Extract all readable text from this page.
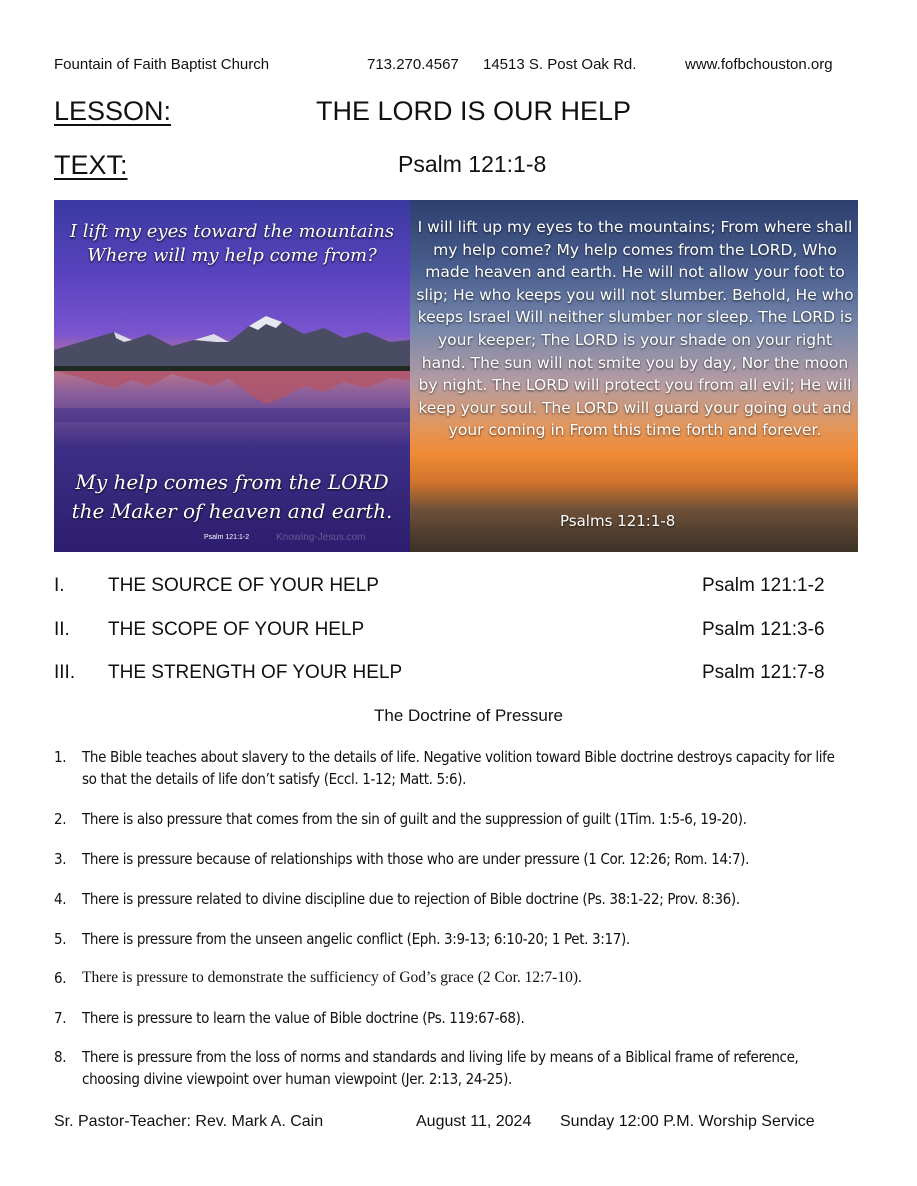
Fountain of Faith Baptist Church	713.270.4567 14513 S. Post Oak Rd.	www.fofbchouston.org
LESSON:	THE LORD IS OUR HELP
TEXT:	Psalm 121:1-8
I lift my eyes toward the mountains
Where will my help come from?
My help comes from the LORD
the Maker of heaven and earth.
Psalm 121:1-2	Knowing-Jesus.com
I will lift up my eyes to the mountains; From where shall my help come? My help comes from the LORD, Who made heaven and earth. He will not allow your foot to slip; He who keeps you will not slumber. Behold, He who keeps Israel Will neither slumber nor sleep. The LORD is your keeper; The LORD is your shade on your right hand. The sun will not smite you by day, Nor the moon by night. The LORD will protect you from all evil; He will keep your soul. The LORD will guard your going out and your coming in From this time forth and forever.
Psalms 121:1-8
I. THE SOURCE OF YOUR HELP	Psalm 121:1-2
II. THE SCOPE OF YOUR HELP	Psalm 121:3-6
III. THE STRENGTH OF YOUR HELP	Psalm 121:7-8
The Doctrine of Pressure
1. The Bible teaches about slavery to the details of life. Negative volition toward Bible doctrine destroys capacity for life so that the details of life don’t satisfy (Eccl. 1-12; Matt. 5:6).
2. There is also pressure that comes from the sin of guilt and the suppression of guilt (1Tim. 1:5-6, 19-20).
3. There is pressure because of relationships with those who are under pressure (1 Cor. 12:26; Rom. 14:7).
4. There is pressure related to divine discipline due to rejection of Bible doctrine (Ps. 38:1-22; Prov. 8:36).
5. There is pressure from the unseen angelic conflict (Eph. 3:9-13; 6:10-20; 1 Pet. 3:17).
6. There is pressure to demonstrate the sufficiency of God’s grace (2 Cor. 12:7-10).
7. There is pressure to learn the value of Bible doctrine (Ps. 119:67-68).
8. There is pressure from the loss of norms and standards and living life by means of a Biblical frame of reference, choosing divine viewpoint over human viewpoint (Jer. 2:13, 24-25).
Sr. Pastor-Teacher: Rev. Mark A. Cain	August 11, 2024 Sunday 12:00 P.M. Worship Service
